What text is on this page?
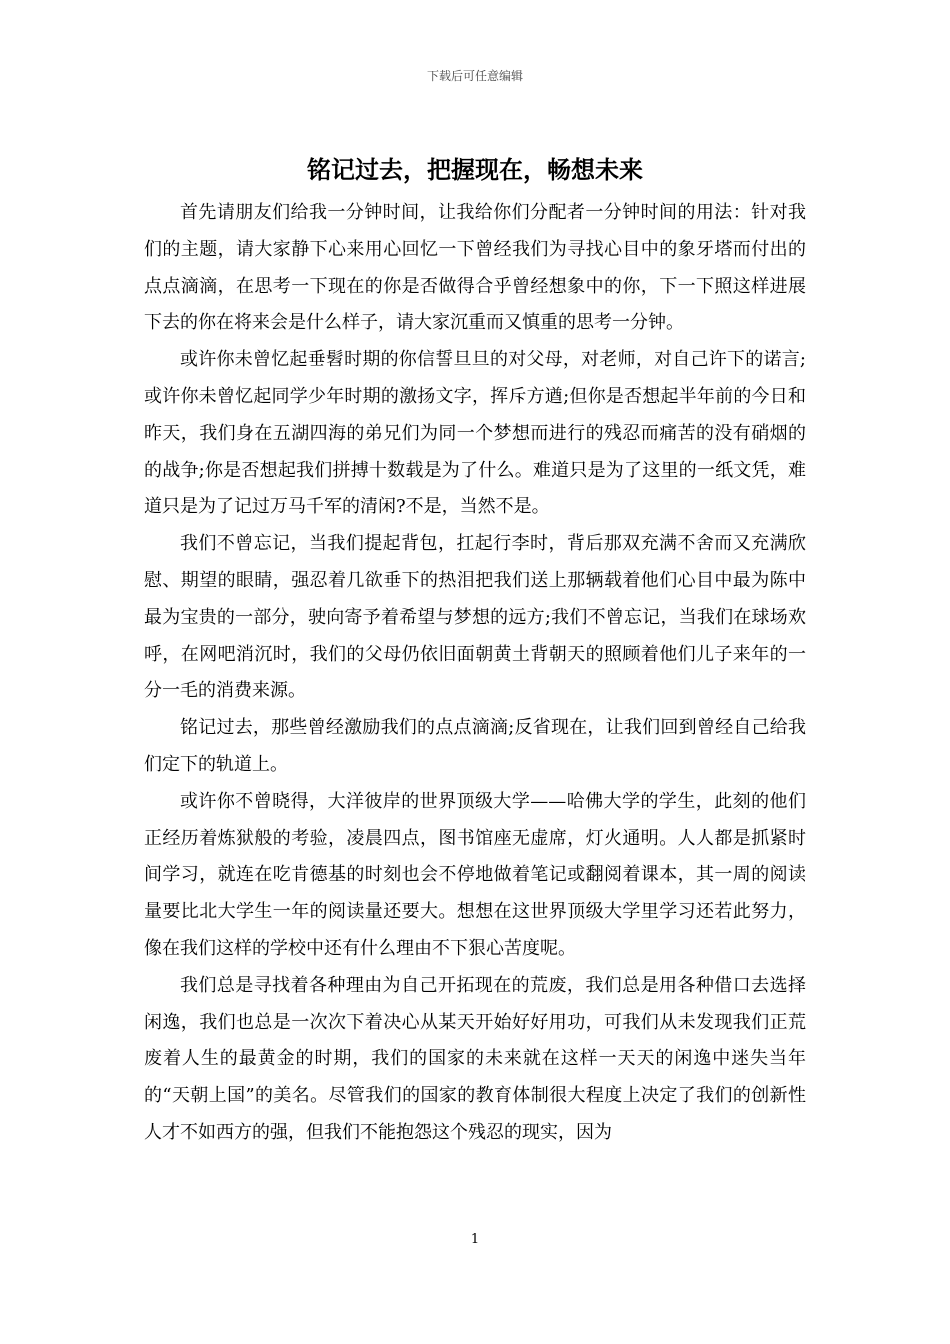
下载后可任意编辑
铭记过去，把握现在，畅想未来

首先请朋友们给我一分钟时间，让我给你们分配者一分钟时间的用法：针对我们的主题，请大家静下心来用心回忆一下曾经我们为寻找心目中的象牙塔而付出的点点滴滴，在思考一下现在的你是否做得合乎曾经想象中的你，下一下照这样进展下去的你在将来会是什么样子，请大家沉重而又慎重的思考一分钟。

或许你未曾忆起垂髫时期的你信誓旦旦的对父母，对老师，对自己许下的诺言;或许你未曾忆起同学少年时期的激扬文字，挥斥方遒;但你是否想起半年前的今日和昨天，我们身在五湖四海的弟兄们为同一个梦想而进行的残忍而痛苦的没有硝烟的的战争;你是否想起我们拼搏十数载是为了什么。难道只是为了这里的一纸文凭，难道只是为了记过万马千军的清闲?不是，当然不是。

我们不曾忘记，当我们提起背包，扛起行李时，背后那双充满不舍而又充满欣慰、期望的眼睛，强忍着几欲垂下的热泪把我们送上那辆载着他们心目中最为陈中最为宝贵的一部分，驶向寄予着希望与梦想的远方;我们不曾忘记，当我们在球场欢呼，在网吧消沉时，我们的父母仍依旧面朝黄土背朝天的照顾着他们儿子来年的一分一毛的消费来源。

铭记过去，那些曾经激励我们的点点滴滴;反省现在，让我们回到曾经自己给我们定下的轨道上。

或许你不曾晓得，大洋彼岸的世界顶级大学——哈佛大学的学生，此刻的他们正经历着炼狱般的考验，凌晨四点，图书馆座无虚席，灯火通明。人人都是抓紧时间学习，就连在吃肯德基的时刻也会不停地做着笔记或翻阅着课本，其一周的阅读量要比北大学生一年的阅读量还要大。想想在这世界顶级大学里学习还若此努力，像在我们这样的学校中还有什么理由不下狠心苦度呢。

我们总是寻找着各种理由为自己开拓现在的荒废，我们总是用各种借口去选择闲逸，我们也总是一次次下着决心从某天开始好好用功，可我们从未发现我们正荒废着人生的最黄金的时期，我们的国家的未来就在这样一天天的闲逸中迷失当年的“天朝上国”的美名。尽管我们的国家的教育体制很大程度上决定了我们的创新性人才不如西方的强，但我们不能抱怨这个残忍的现实，因为

1
